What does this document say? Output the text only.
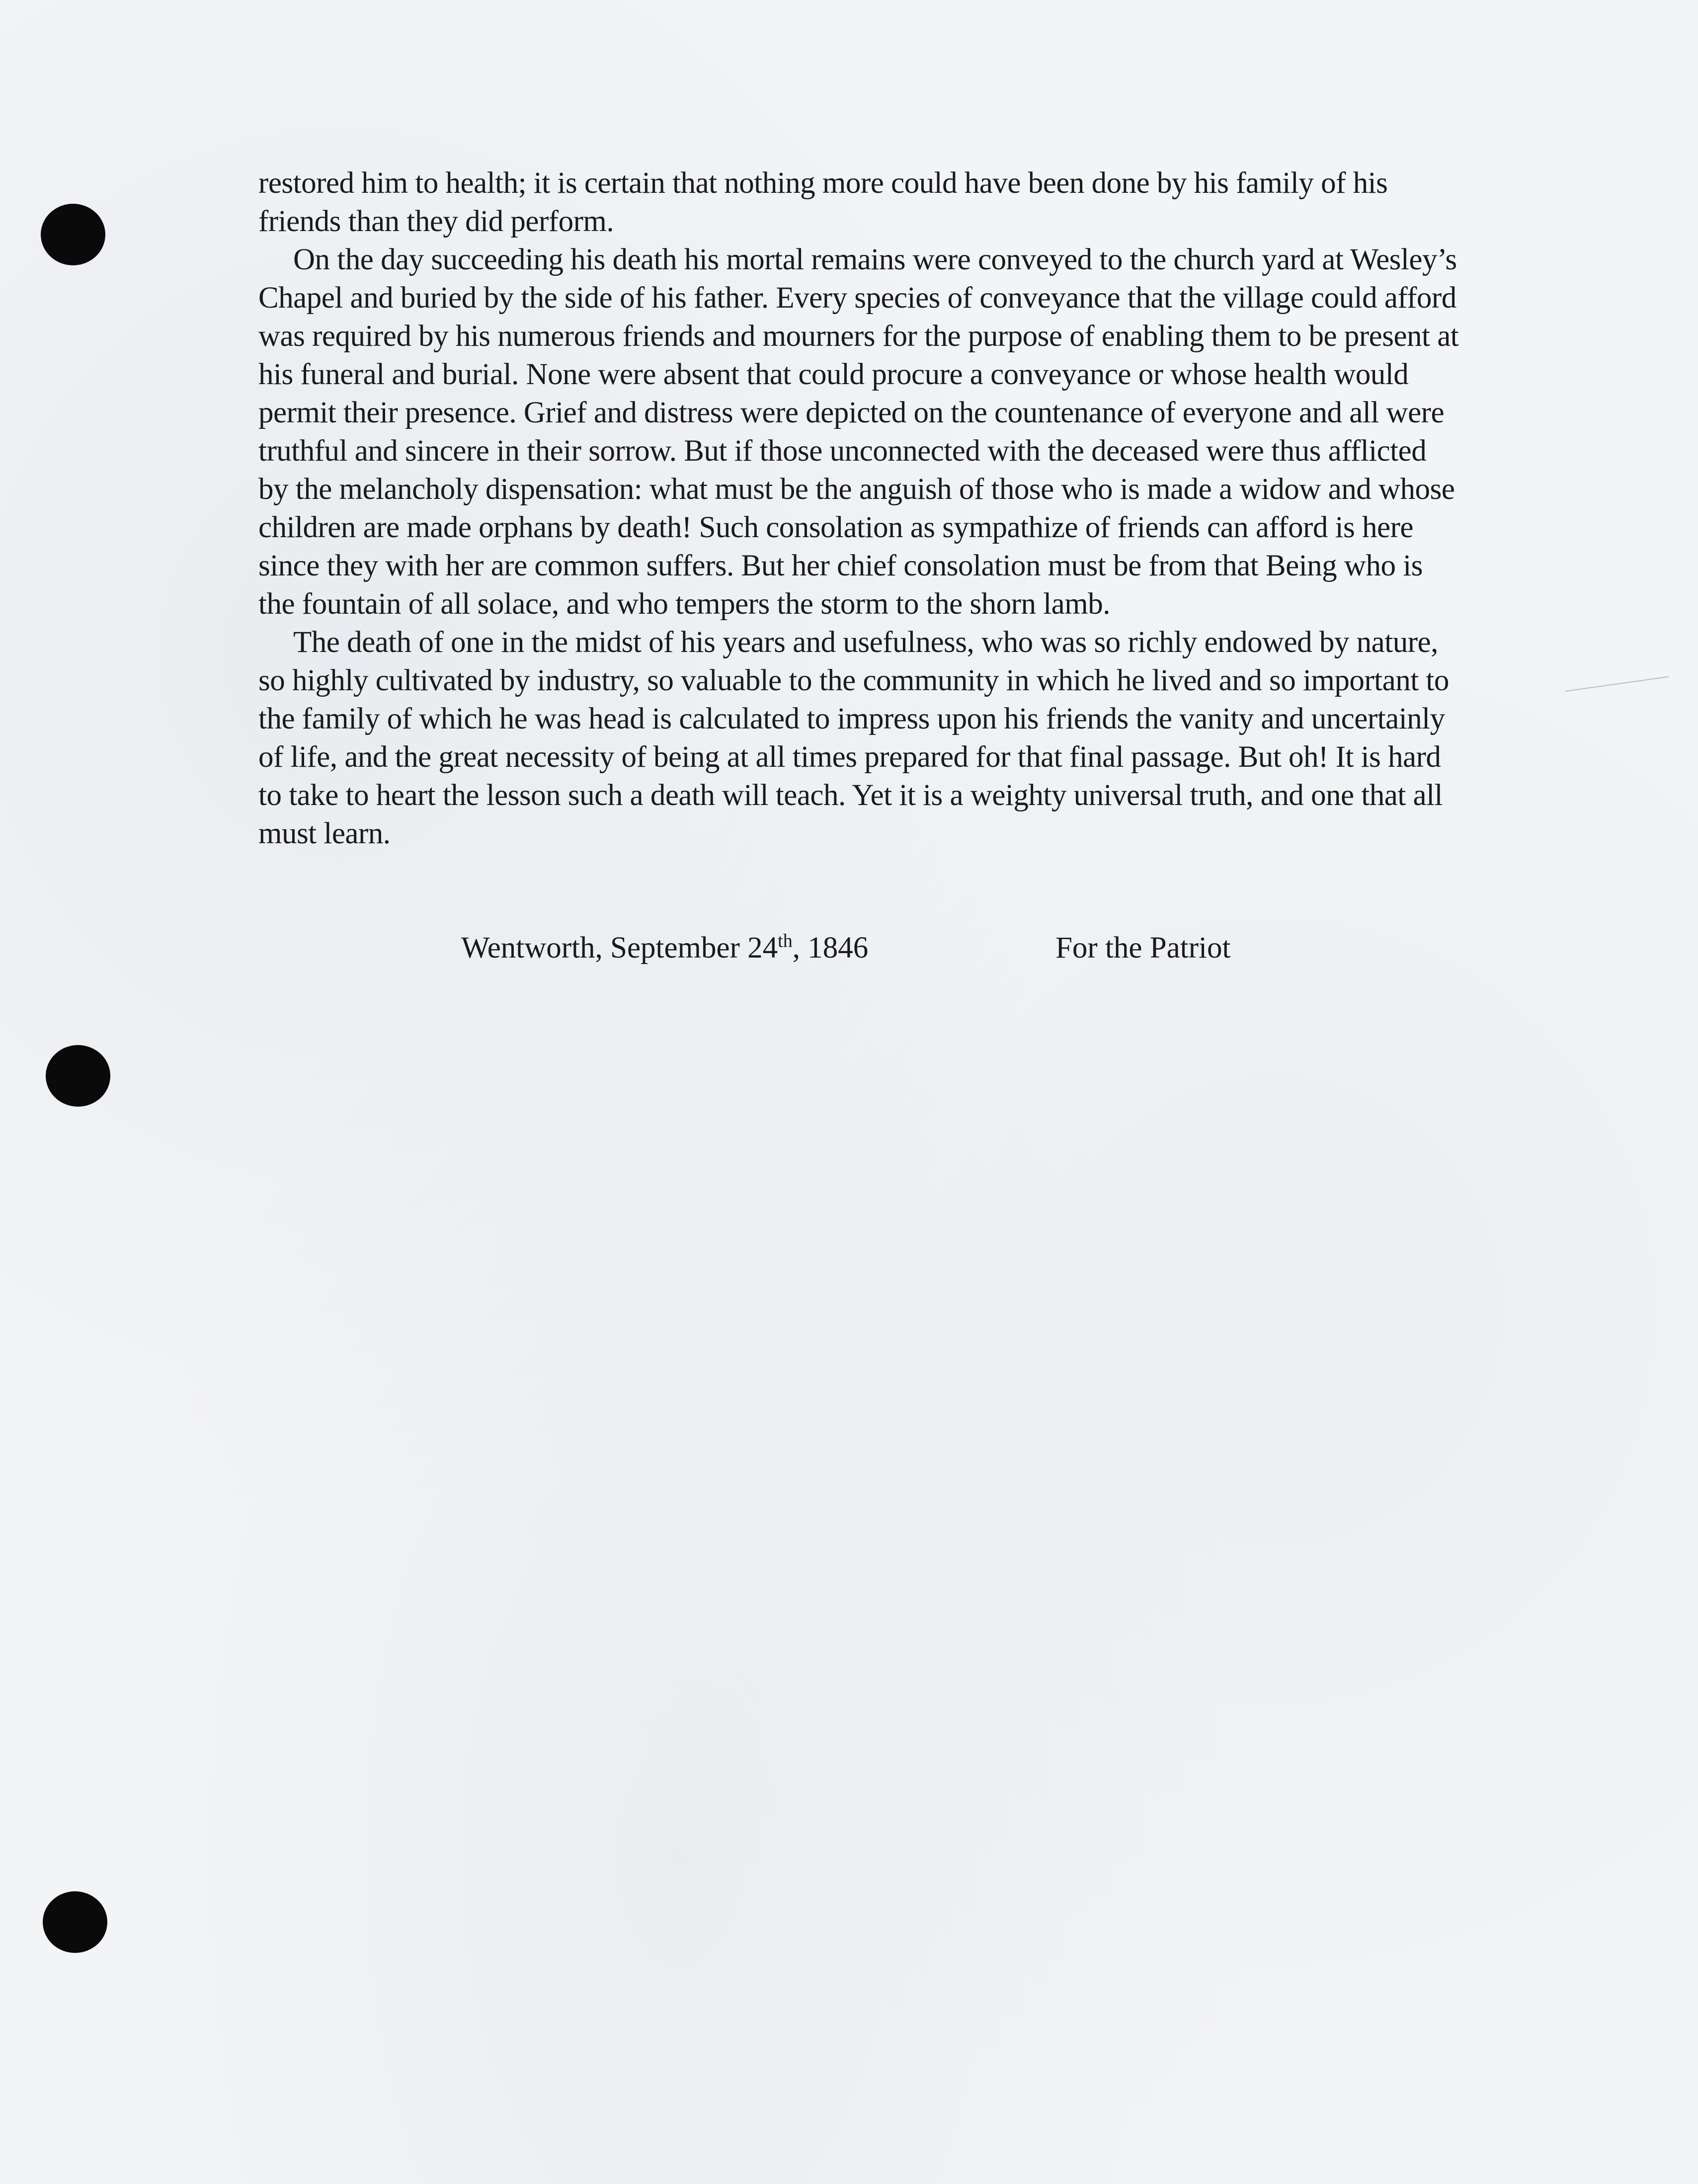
restored him to health; it is certain that nothing more could have been done by his family of his friends than they did perform.

On the day succeeding his death his mortal remains were conveyed to the church yard at Wesley’s Chapel and buried by the side of his father. Every species of conveyance that the village could afford was required by his numerous friends and mourners for the purpose of enabling them to be present at his funeral and burial. None were absent that could procure a conveyance or whose health would permit their presence. Grief and distress were depicted on the countenance of everyone and all were truthful and sincere in their sorrow. But if those unconnected with the deceased were thus afflicted by the melancholy dispensation: what must be the anguish of those who is made a widow and whose children are made orphans by death! Such consolation as sympathize of friends can afford is here since they with her are common suffers. But her chief consolation must be from that Being who is the fountain of all solace, and who tempers the storm to the shorn lamb.

The death of one in the midst of his years and usefulness, who was so richly endowed by nature, so highly cultivated by industry, so valuable to the community in which he lived and so important to the family of which he was head is calculated to impress upon his friends the vanity and uncertainly of life, and the great necessity of being at all times prepared for that final passage. But oh! It is hard to take to heart the lesson such a death will teach. Yet it is a weighty universal truth, and one that all must learn.

Wentworth, September 24th, 1846	For the Patriot
